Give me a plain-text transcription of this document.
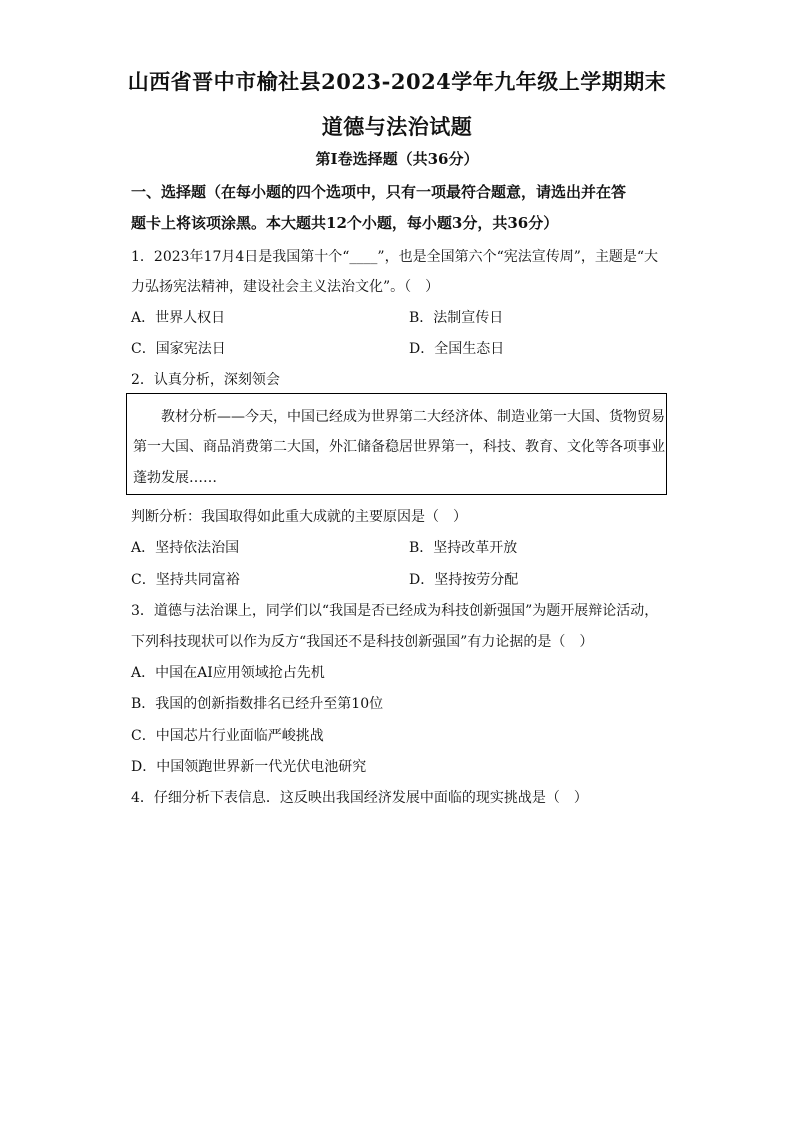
山西省晋中市榆社县2023-2024学年九年级上学期期末
道德与法治试题
第Ⅰ卷选择题（共36分）
一、选择题（在每小题的四个选项中，只有一项最符合题意，请选出并在答
题卡上将该项涂黑。本大题共12个小题，每小题3分，共36分）
1．2023年17月4日是我国第十个“____”，也是全国第六个“宪法宣传周”，主题是“大
力弘扬宪法精神，建设社会主义法治文化”。（　）
A．世界人权日	B．法制宣传日
C．国家宪法日	D．全国生态日
2．认真分析，深刻领会
教材分析——今天，中国已经成为世界第二大经济体、制造业第一大国、货物贸易
第一大国、商品消费第二大国，外汇储备稳居世界第一，科技、教育、文化等各项事业
蓬勃发展……
判断分析：我国取得如此重大成就的主要原因是（　）
A．坚持依法治国	B．坚持改革开放
C．坚持共同富裕	D．坚持按劳分配
3．道德与法治课上，同学们以“我国是否已经成为科技创新强国”为题开展辩论活动，
下列科技现状可以作为反方“我国还不是科技创新强国”有力论据的是（　）
A．中国在AI应用领域抢占先机
B．我国的创新指数排名已经升至第10位
C．中国芯片行业面临严峻挑战
D．中国领跑世界新一代光伏电池研究
4．仔细分析下表信息．这反映出我国经济发展中面临的现实挑战是（　）
